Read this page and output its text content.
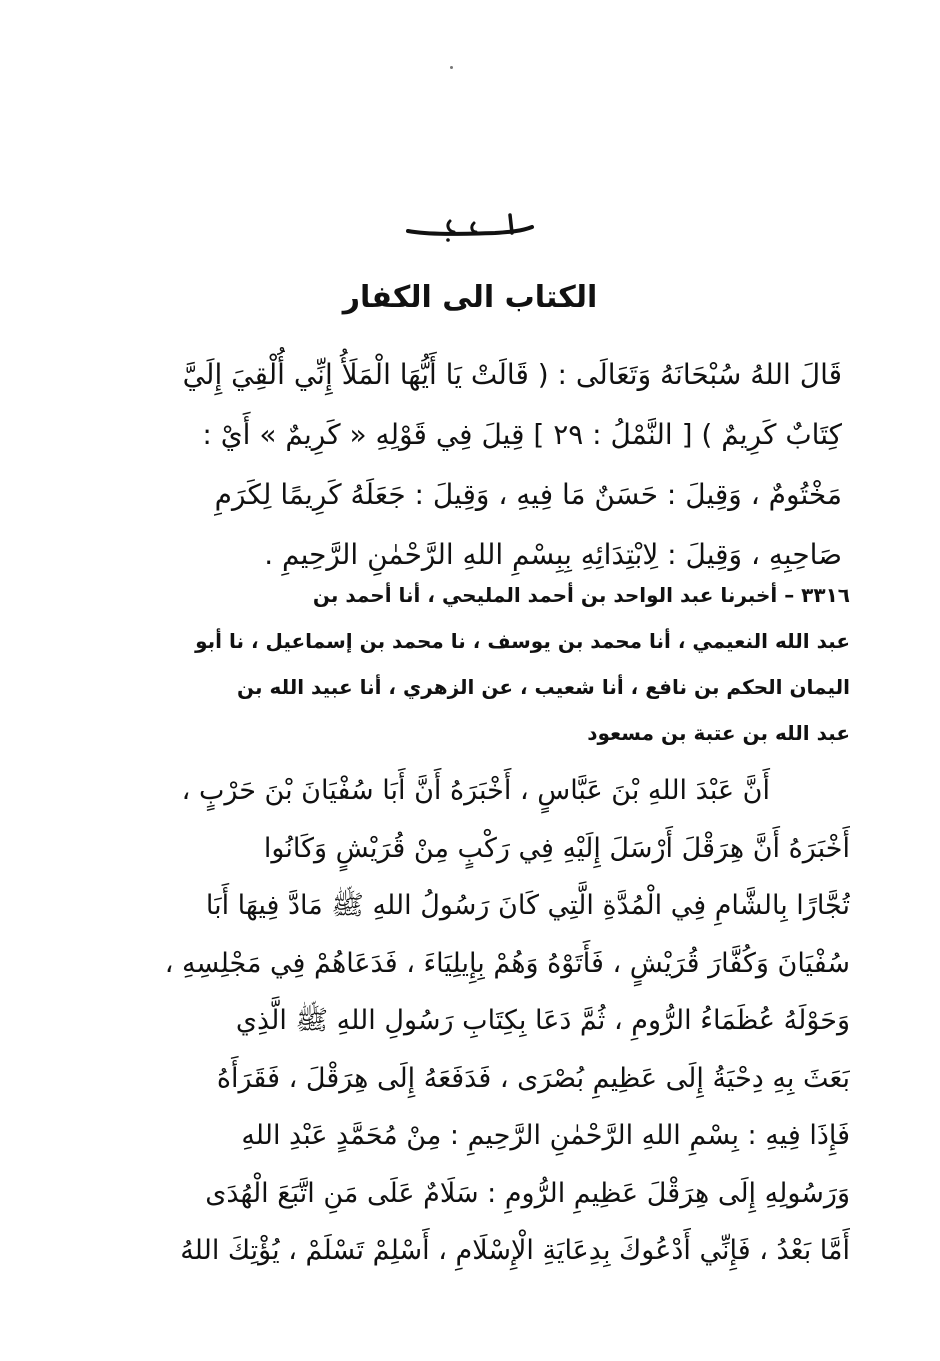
الكتاب الى الكفار
قَالَ اللهُ سُبْحَانَهُ وَتَعَالَى : ( قَالَتْ يَا أَيُّهَا الْمَلَأُ إِنِّي أُلْقِيَ إِلَيَّ
كِتَابٌ كَرِيمٌ ) [ النَّمْلُ : ٢٩ ] قِيلَ فِي قَوْلِهِ « كَرِيمٌ » أَيْ :
مَخْتُومٌ ، وَقِيلَ : حَسَنٌ مَا فِيهِ ، وَقِيلَ : جَعَلَهُ كَرِيمًا لِكَرَمِ
صَاحِبِهِ ، وَقِيلَ : لِابْتِدَائِهِ بِبِسْمِ اللهِ الرَّحْمٰنِ الرَّحِيمِ .
٣٣١٦ – أخبرنا عبد الواحد بن أحمد المليحي ، أنا أحمد بن
عبد الله النعيمي ، أنا محمد بن يوسف ، نا محمد بن إسماعيل ، نا أبو
اليمان الحكم بن نافع ، أنا شعيب ، عن الزهري ، أنا عبيد الله بن
عبد الله بن عتبة بن مسعود
أَنَّ عَبْدَ اللهِ بْنَ عَبَّاسٍ ، أَخْبَرَهُ أَنَّ أَبَا سُفْيَانَ بْنَ حَرْبٍ ،
أَخْبَرَهُ أَنَّ هِرَقْلَ أَرْسَلَ إِلَيْهِ فِي رَكْبٍ مِنْ قُرَيْشٍ وَكَانُوا
تُجَّارًا بِالشَّامِ فِي الْمُدَّةِ الَّتِي كَانَ رَسُولُ اللهِ ﷺ مَادَّ فِيهَا أَبَا
سُفْيَانَ وَكُفَّارَ قُرَيْشٍ ، فَأَتَوْهُ وَهُمْ بِإِيلِيَاءَ ، فَدَعَاهُمْ فِي مَجْلِسِهِ ،
وَحَوْلَهُ عُظَمَاءُ الرُّومِ ، ثُمَّ دَعَا بِكِتَابِ رَسُولِ اللهِ ﷺ الَّذِي
بَعَثَ بِهِ دِحْيَةُ إِلَى عَظِيمِ بُصْرَى ، فَدَفَعَهُ إِلَى هِرَقْلَ ، فَقَرَأَهُ
فَإِذَا فِيهِ : بِسْمِ اللهِ الرَّحْمٰنِ الرَّحِيمِ : مِنْ مُحَمَّدٍ عَبْدِ اللهِ
وَرَسُولِهِ إِلَى هِرَقْلَ عَظِيمِ الرُّومِ : سَلَامٌ عَلَى مَنِ اتَّبَعَ الْهُدَى
أَمَّا بَعْدُ ، فَإِنِّي أَدْعُوكَ بِدِعَايَةِ الْإِسْلَامِ ، أَسْلِمْ تَسْلَمْ ، يُؤْتِكَ اللهُ
